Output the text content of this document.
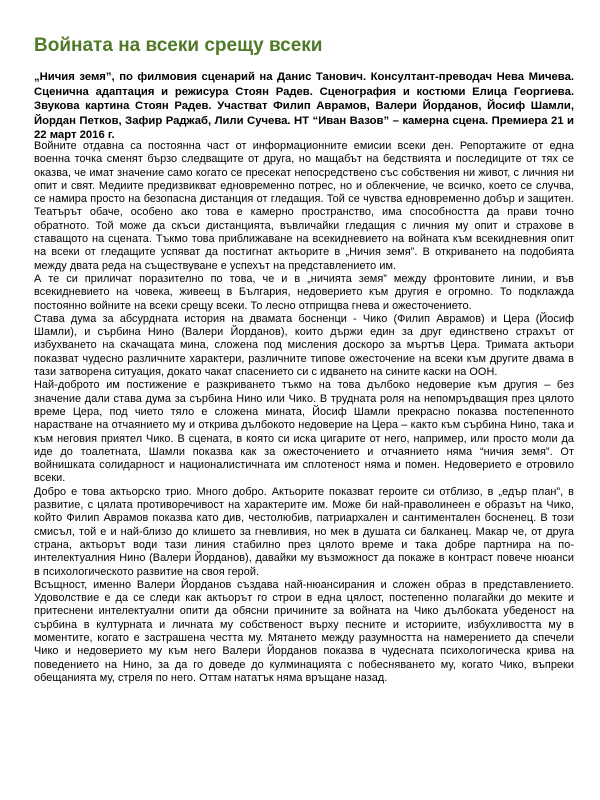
Войната на всеки срещу всеки

„Ничия земя”, по филмовия сценарий на Данис Танович. Консултант-преводач Нева Мичева. Сценична адаптация и режисура Стоян Радев. Сценография и костюми Елица Георгиева. Звукова картина Стоян Радев. Участват Филип Аврамов, Валери Йорданов, Йосиф Шамли, Йордан Петков, Зафир Раджаб, Лили Сучева. НТ “Иван Вазов” – камерна сцена. Премиера 21 и 22 март 2016 г.

Войните отдавна са постоянна част от информационните емисии всеки ден. Репортажите от една военна точка сменят бързо следващите от друга, но мащабът на бедствията и последиците от тях се оказва, че имат значение само когато се пресекат непосредствено със собствения ни живот, с личния ни опит и свят. Медиите предизвикват едновременно потрес, но и облекчение, че всичко, което се случва, се намира просто на безопасна дистанция от гледащия. Той се чувства едновременно добър и защитен. Театърът обаче, особено ако това е камерно пространство, има способността да прави точно обратното. Той може да скъси дистанцията, въвличайки гледащия с личния му опит и страхове в ставащото на сцената. Тъкмо това приближаване на всекидневието на войната към всекидневния опит на всеки от гледащите успяват да постигнат актьорите в „Ничия земя”. В откриването на подобията между двата реда на съществуване е успехът на представлението им.

А те си приличат поразително по това, че и в „ничията земя” между фронтовите линии, и във всекидневието на човека, живеещ в България, недоверието към другия е огромно. То подклажда постоянно войните на всеки срещу всеки. То лесно отприщва гнева и ожесточението.

Става дума за абсурдната история на двамата босненци - Чико (Филип Аврамов) и Цера (Йосиф Шамли), и сърбина Нино (Валери Йорданов), които държи един за друг единствено страхът от избухването на скачащата мина, сложена под мисления доскоро за мъртъв Цера. Тримата актьори показват чудесно различните характери, различните типове ожесточение на всеки към другите двама в тази затворена ситуация, докато чакат спасението си с идването на сините каски на ООН.

Най-доброто им постижение е разкриването тъкмо на това дълбоко недоверие към другия – без значение дали става дума за сърбина Нино или Чико. В трудната роля на непомръдващия през цялото време Цера, под чието тяло е сложена мината, Йосиф Шамли прекрасно показва постепенното нарастване на отчаянието му и открива дълбокото недоверие на Цера – както към сърбина Нино, така и към неговия приятел Чико. В сцената, в която си иска цигарите от него, например, или просто моли да иде до тоалетната, Шамли показва как за ожесточението и отчаянието няма “ничия земя”. От войнишката солидарност и националистичната им сплотеност няма и помен. Недоверието е отровило всеки.

Добро е това актьорско трио. Много добро. Актьорите показват героите си отблизо, в „едър план”, в развитие, с цялата противоречивост на характерите им. Може би най-праволинеен е образът на Чико, който Филип Аврамов показва като див, честолюбив, патриархален и сантиментален босненец. В този смисъл, той е и най-близо до клишето за гневливия, но мек в душата си балканец. Макар че, от друга страна, актьорът води тази линия стабилно през цялото време и така добре партнира на по-интелектуалния Нино (Валери Йорданов), давайки му възможност да покаже в контраст повече нюанси в психологическото развитие на своя герой.

Всъщност, именно Валери Йорданов създава най-нюансирания и сложен образ в представлението. Удоволствие е да се следи как актьорът го строи в една цялост, постепенно полагайки до меките и притеснени интелектуални опити да обясни причините за войната на Чико дълбоката убеденост на сърбина в културната и личната му собственост върху песните и историите, избухливостта му в моментите, когато е застрашена честта му. Мятането между разумността на намерението да спечели Чико и недоверието му към него Валери Йорданов показва в чудесната психологическа крива на поведението на Нино, за да го доведе до кулминацията с побесняването му, когато Чико, въпреки обещанията му, стреля по него. Оттам нататък няма връщане назад.
